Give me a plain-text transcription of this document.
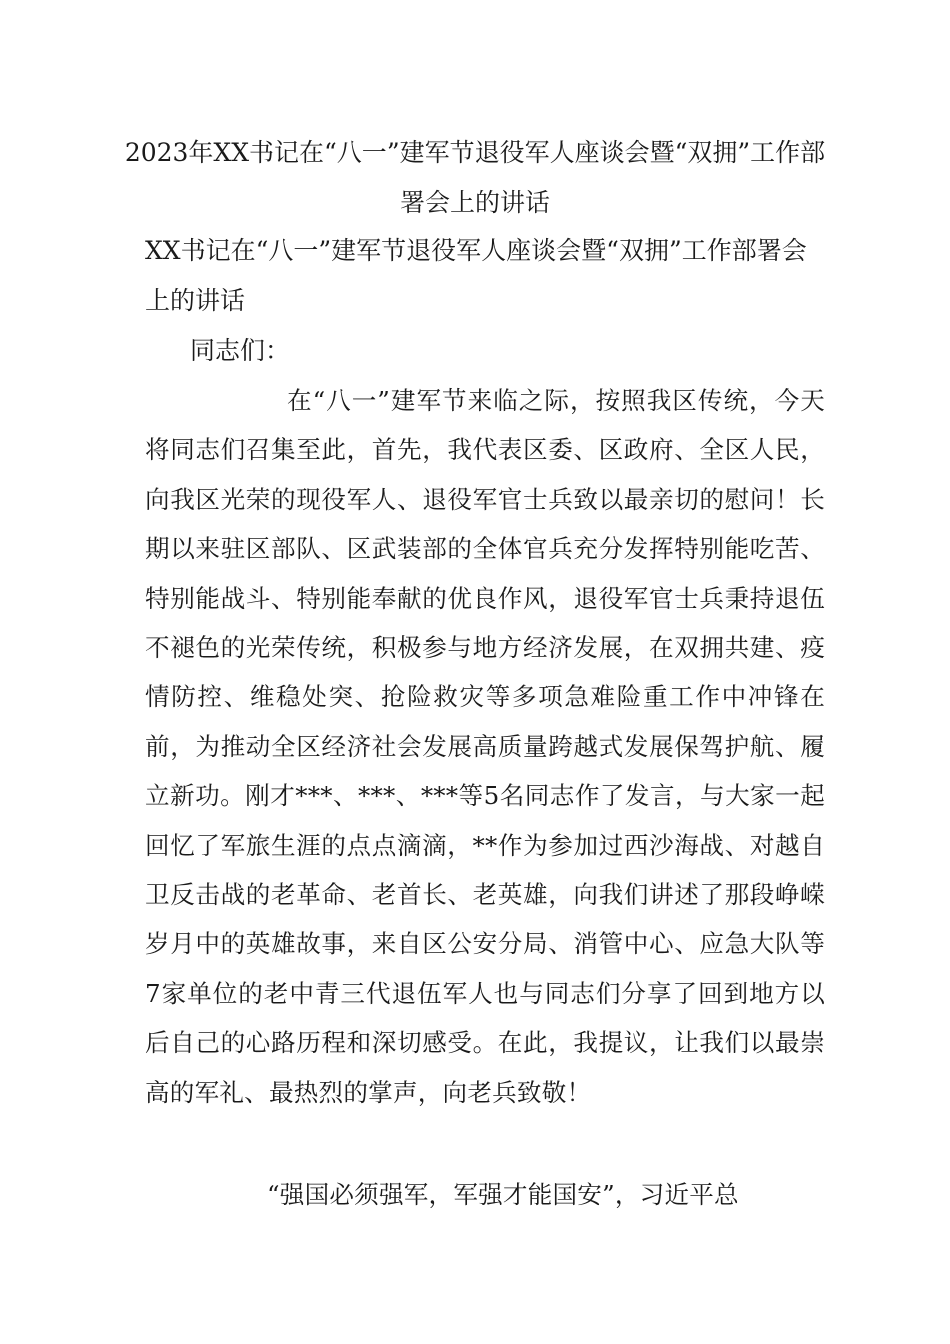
2023年XX书记在“八一”建军节退役军人座谈会暨“双拥”工作部署会上的讲话
XX书记在“八一”建军节退役军人座谈会暨“双拥”工作部署会上的讲话

同志们：

在“八一”建军节来临之际，按照我区传统，今天将同志们召集至此，首先，我代表区委、区政府、全区人民，向我区光荣的现役军人、退役军官士兵致以最亲切的慰问！长期以来驻区部队、区武装部的全体官兵充分发挥特别能吃苦、特别能战斗、特别能奉献的优良作风，退役军官士兵秉持退伍不褪色的光荣传统，积极参与地方经济发展，在双拥共建、疫情防控、维稳处突、抢险救灾等多项急难险重工作中冲锋在前，为推动全区经济社会发展高质量跨越式发展保驾护航、履立新功。刚才***、***、***等5名同志作了发言，与大家一起回忆了军旅生涯的点点滴滴，**作为参加过西沙海战、对越自卫反击战的老革命、老首长、老英雄，向我们讲述了那段峥嵘岁月中的英雄故事，来自区公安分局、消管中心、应急大队等7家单位的老中青三代退伍军人也与同志们分享了回到地方以后自己的心路历程和深切感受。在此，我提议，让我们以最崇高的军礼、最热烈的掌声，向老兵致敬！

“强国必须强军，军强才能国安”，习近平总
